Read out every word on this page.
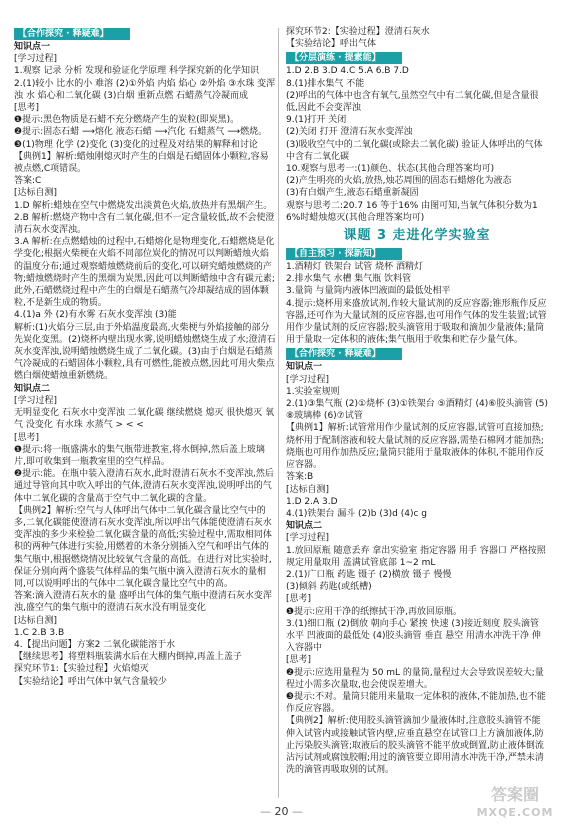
【合作探究 · 释疑难】
知识点一
[学习过程]
1.观察 记录 分析 发现和验证化学原理 科学探究新的化学知识
2.(1)较小 比水的小 难溶 (2)①外焰 内焰 焰心 ②外焰 ③水珠 变浑浊 水 焰心和二氧化碳 (3)白烟 重新点燃 石蜡蒸气冷凝而成
[思考]
❶提示:黑色物质是石蜡不充分燃烧产生的炭粒(即炭黑)。
❷提示:固态石蜡 ⟶熔化 液态石蜡 ⟶汽化 石蜡蒸气 ⟶燃烧。
❸(1)物理 化学 (2)变化 (3)变化的过程及对结果的解释和讨论
【典例1】解析:蜡烛刚熄灭时产生的白烟是石蜡固体小颗粒,容易被点燃,C项错误。
答案:C
[达标自测]
1.D 解析:蜡烛在空气中燃烧发出淡黄色火焰,放热并有黑烟产生。
2.B 解析:燃烧产物中含有二氧化碳,但不一定含量较低,故不会使澄清石灰水变浑浊。
3.A 解析:在点燃蜡烛的过程中,石蜡熔化是物理变化,石蜡燃烧是化学变化;根据火柴梗在火焰不同部位炭化的情况可以判断蜡烛火焰的温度分布;通过观察蜡烛燃烧前后的变化,可以研究蜡烛燃烧的产物;蜡烛燃烧时产生的黑烟为炭黑,因此可以判断蜡烛中含有碳元素;此外,石蜡燃烧过程中产生的白烟是石蜡蒸气冷却凝结成的固体颗粒,不是新生成的物质。
4.(1)a 外 (2)有水雾 石灰水变浑浊 (3)能
解析:(1)火焰分三层,由于外焰温度最高,火柴梗与外焰接触的部分先炭化变黑。(2)烧杯内壁出现水雾,说明蜡烛燃烧生成了水;澄清石灰水变浑浊,说明蜡烛燃烧生成了二氧化碳。(3)由于白烟是石蜡蒸气冷凝成的石蜡固体小颗粒,具有可燃性,能被点燃,因此可用火柴点燃白烟使蜡烛重新燃烧。
知识点二
[学习过程]
无明显变化 石灰水中变浑浊 二氧化碳 继续燃烧 熄灭 很快熄灭 氧气 没变化 有水珠 水蒸气 > < <
[思考]
❶提示:将一瓶盛满水的集气瓶带进教室,将水倒掉,然后盖上玻璃片,即可收集到一瓶教室里的空气样品。
❷提示:能。在瓶中装入澄清石灰水,此时澄清石灰水不变浑浊,然后通过导管向其中吹入呼出的气体,澄清石灰水变浑浊,说明呼出的气体中二氧化碳的含量高于空气中二氧化碳的含量。
【典例2】解析:空气与人体呼出气体中二氧化碳含量比空气中的多,二氧化碳能使澄清石灰水变浑浊,所以呼出气体能使澄清石灰水变浑浊的多少来检验二氧化碳含量的高低;实验过程中,需取相同体积的两种气体进行实验,用燃着的木条分别插入空气和呼出气体的集气瓶中,根据燃烧情况比较氧气含量的高低。在进行对比实验时,保证分别向两个盛装气体样品的集气瓶中滴入澄清石灰水的量相同,可以说明呼出的气体中二氧化碳含量比空气中的高。
答案:滴入澄清石灰水的量 盛呼出气体的集气瓶中澄清石灰水变浑浊,盛空气的集气瓶中的澄清石灰水没有明显变化
[达标自测]
1.C 2.B 3.B
4.【提出问题】方案2 二氧化碳能溶于水
【继续思考】将塑料瓶装满水后在大棚内倒掉,再盖上盖子
探究环节1:【实验过程】火焰熄灭
【实验结论】呼出气体中氧气含量较少
探究环节2:【实验过程】澄清石灰水
【实验结论】呼出气体
【分层演练 · 提素能】
1.D 2.B 3.D 4.C 5.A 6.B 7.D
8.(1)排水集气 不能
(2)呼出的气体中也含有氧气,虽然空气中有二氧化碳,但是含量很低,因此不会变浑浊
9.(1)打开 关闭
(2)关闭 打开 澄清石灰水变浑浊
(3)吸收空气中的二氧化碳(或除去二氧化碳) 验证人体呼出的气体中含有二氧化碳
10.观察与思考一:(1)颜色、状态(其他合理答案均可)
(2)产生明亮的火焰,放热,烛芯周围的固态石蜡熔化为液态
(3)有白烟产生,液态石蜡重新凝固
观察与思考二:20.7 16 等于16% 由图可知,当氧气体积分数为16%时蜡烛熄灭(其他合理答案均可)
课题 3 走进化学实验室
【自主预习 · 探新知】
1.酒精灯 铁架台 试管 烧杯 酒精灯
2.排水集气 水槽 集气瓶 饮料管
3.量筒 与量筒内液体凹液面的最低处相平
4.提示:烧杯用来盛放试剂,作较大量试剂的反应容器;锥形瓶作反应容器,还可作为大量试剂的反应容器,也可用作气体的发生装置;试管用作少量试剂的反应容器;胶头滴管用于吸取和滴加少量液体;量筒用于量取一定体积的液体;集气瓶用于收集和贮存少量气体。
【合作探究 · 释疑难】
知识点一
[学习过程]
1.实验室规则
2.(1)③集气瓶 (2)①烧杯 (3)①铁架台 ⑤酒精灯 (4)⑥胶头滴管 (5)⑧玻璃棒 (6)⑦试管
【典例1】解析:试管常用作少量试剂的反应容器,试管可直接加热;烧杯用于配制溶液和较大量试剂的反应容器,需垫石棉网才能加热;烧瓶也可用作加热反应;量筒只能用于量取液体的体积,不能用作反应容器。
答案:B
[达标自测]
1.D 2.A 3.D
4.(1)铁架台 漏斗 (2)b (3)d (4)c g
知识点二
[学习过程]
1.放回原瓶 随意丢弃 拿出实验室 指定容器 用手 容器口 严格按照规定用量取用 盖满试管底部 1~2 mL
2.(1)广口瓶 药匙 镊子 (2)横放 镊子 慢慢
(3)倾斜 药匙(或纸槽)
[思考]
❶提示:应用干净的纸擦拭干净,再放回原瓶。
3.(1)细口瓶 (2)倒放 朝向手心 紧挨 快速 (3)接近刻度 胶头滴管 水平 凹液面的最低处 (4)胶头滴管 垂直 悬空 用清水冲洗干净 伸入容器中
[思考]
❷提示:应选用量程为 50 mL 的量筒,量程过大会导致误差较大;量程过小需多次量取,也会使误差增大。
❸提示:不对。量筒只能用来量取一定体积的液体,不能加热,也不能作反应容器。
【典例2】解析:使用胶头滴管滴加少量液体时,注意胶头滴管不能伸入试管内或接触试管内壁,应垂直悬空在试管口上方滴加液体,防止污染胶头滴管;取液后的胶头滴管不能平放或倒置,防止液体倒流沾污试剂或腐蚀胶帽;用过的滴管要立即用清水冲洗干净,严禁未清洗的滴管再吸取别的试剂。
— 20 —
答案圈
MXQE.COM
